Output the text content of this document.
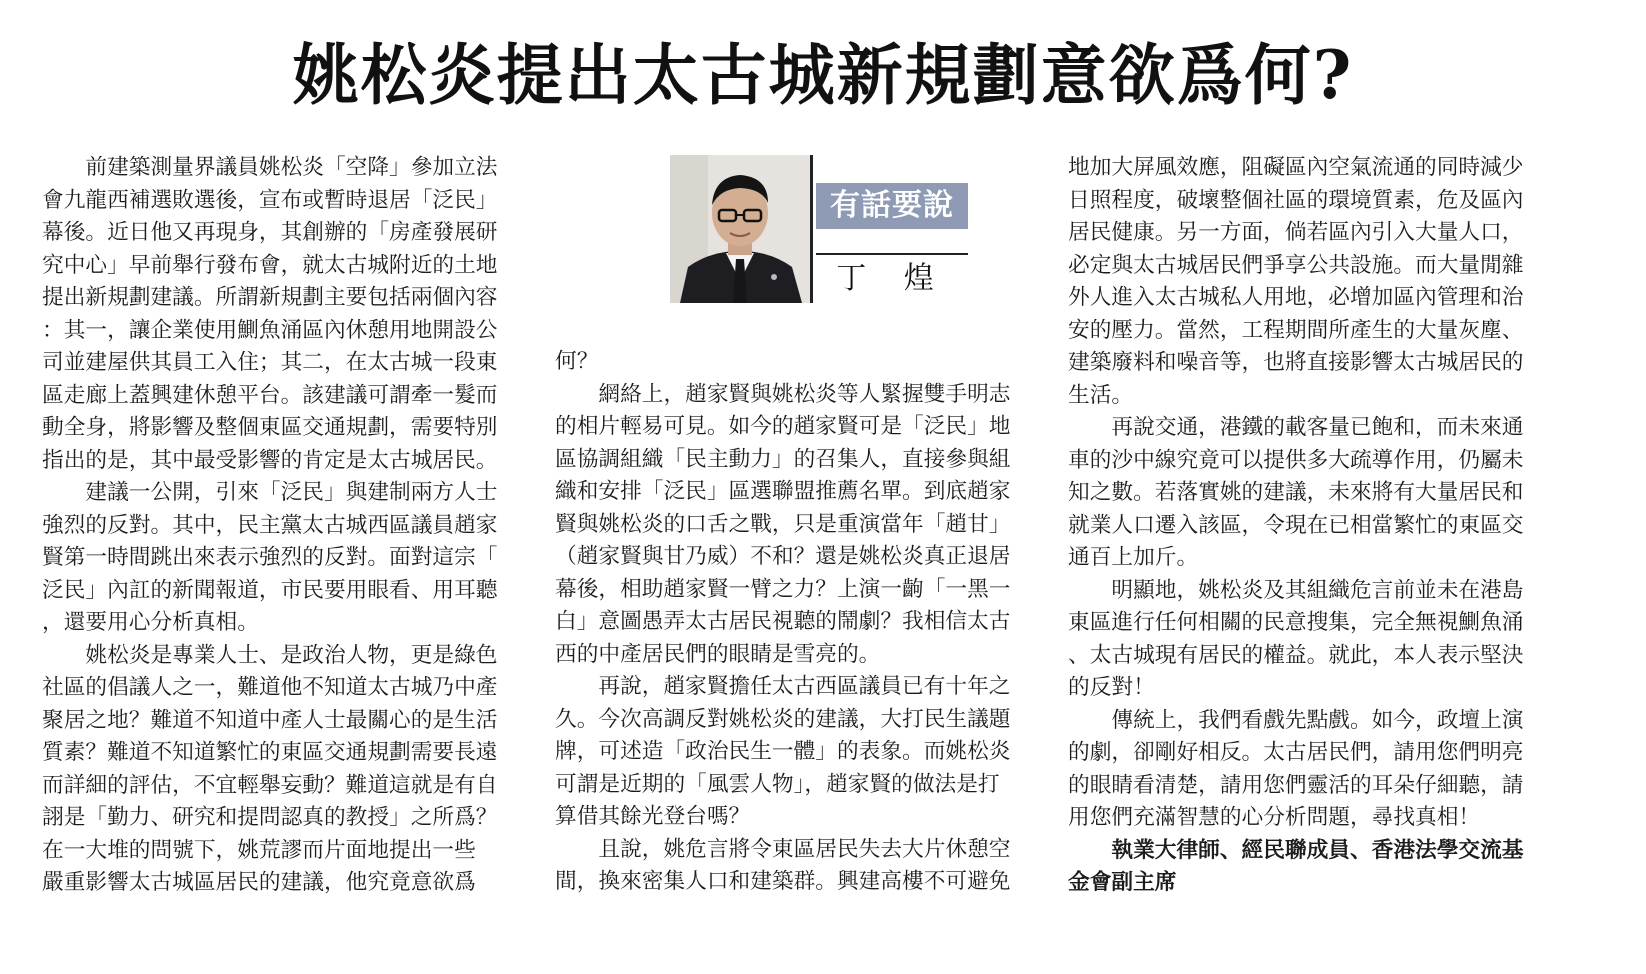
姚松炎提出太古城新規劃意欲爲何?
有話要說
丁 煌
　　前建築測量界議員姚松炎「空降」參加立法
會九龍西補選敗選後，宣布或暫時退居「泛民」
幕後。近日他又再現身，其創辦的「房產發展研
究中心」早前舉行發布會，就太古城附近的土地
提出新規劃建議。所謂新規劃主要包括兩個內容
：其一，讓企業使用鰂魚涌區內休憩用地開設公
司並建屋供其員工入住；其二，在太古城一段東
區走廊上蓋興建休憩平台。該建議可謂牽一髮而
動全身，將影響及整個東區交通規劃，需要特別
指出的是，其中最受影響的肯定是太古城居民。
　　建議一公開，引來「泛民」與建制兩方人士
強烈的反對。其中，民主黨太古城西區議員趙家
賢第一時間跳出來表示強烈的反對。面對這宗「
泛民」內訌的新聞報道，市民要用眼看、用耳聽
，還要用心分析真相。
　　姚松炎是專業人士、是政治人物，更是綠色
社區的倡議人之一，難道他不知道太古城乃中產
聚居之地？難道不知道中產人士最關心的是生活
質素？難道不知道繁忙的東區交通規劃需要長遠
而詳細的評估，不宜輕舉妄動？難道這就是有自
詡是「勤力、研究和提問認真的教授」之所爲？
在一大堆的問號下，姚荒謬而片面地提出一些
嚴重影響太古城區居民的建議，他究竟意欲爲
何？
　　網絡上，趙家賢與姚松炎等人緊握雙手明志
的相片輕易可見。如今的趙家賢可是「泛民」地
區協調組織「民主動力」的召集人，直接參與組
織和安排「泛民」區選聯盟推薦名單。到底趙家
賢與姚松炎的口舌之戰，只是重演當年「趙甘」
（趙家賢與甘乃威）不和？還是姚松炎真正退居
幕後，相助趙家賢一臂之力？上演一齣「一黑一
白」意圖愚弄太古居民視聽的鬧劇？我相信太古
西的中產居民們的眼睛是雪亮的。
　　再說，趙家賢擔任太古西區議員已有十年之
久。今次高調反對姚松炎的建議，大打民生議題
牌，可述造「政治民生一體」的表象。而姚松炎
可謂是近期的「風雲人物」，趙家賢的做法是打
算借其餘光登台嗎？
　　且說，姚危言將令東區居民失去大片休憩空
間，換來密集人口和建築群。興建高樓不可避免
地加大屏風效應，阻礙區內空氣流通的同時減少
日照程度，破壞整個社區的環境質素，危及區內
居民健康。另一方面，倘若區內引入大量人口，
必定與太古城居民們爭享公共設施。而大量閒雜
外人進入太古城私人用地，必增加區內管理和治
安的壓力。當然，工程期間所產生的大量灰塵、
建築廢料和噪音等，也將直接影響太古城居民的
生活。
　　再說交通，港鐵的載客量已飽和，而未來通
車的沙中線究竟可以提供多大疏導作用，仍屬未
知之數。若落實姚的建議，未來將有大量居民和
就業人口遷入該區，令現在已相當繁忙的東區交
通百上加斤。
　　明顯地，姚松炎及其組織危言前並未在港島
東區進行任何相關的民意搜集，完全無視鰂魚涌
、太古城現有居民的權益。就此，本人表示堅決
的反對！
　　傳統上，我們看戲先點戲。如今，政壇上演
的劇，卻剛好相反。太古居民們，請用您們明亮
的眼睛看清楚，請用您們靈活的耳朵仔細聽，請
用您們充滿智慧的心分析問題，尋找真相！
　　執業大律師、經民聯成員、香港法學交流基
金會副主席
